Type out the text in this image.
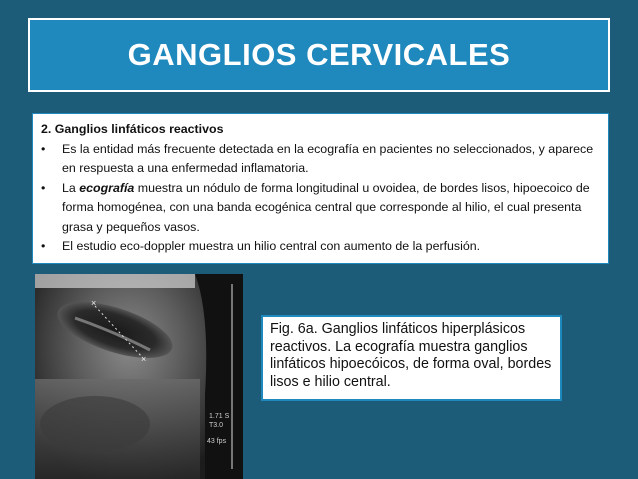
GANGLIOS CERVICALES
2. Ganglios linfáticos reactivos
•	Es la entidad más frecuente detectada en la ecografía en pacientes no seleccionados, y aparece en respuesta a una enfermedad inflamatoria.
•	La ecografía muestra un nódulo de forma longitudinal u ovoidea, de bordes lisos, hipoecoico de forma homogénea, con una banda ecogénica central que corresponde al hilio, el cual presenta grasa y pequeños vasos.
•	El estudio eco-doppler muestra un hilio central con aumento de la perfusión.
×
×
1.71 S
T3.0
43 fps
Fig. 6a. Ganglios linfáticos hiperplásicos reactivos. La ecografía muestra ganglios linfáticos hipoecóicos, de forma oval, bordes lisos e hilio central.
